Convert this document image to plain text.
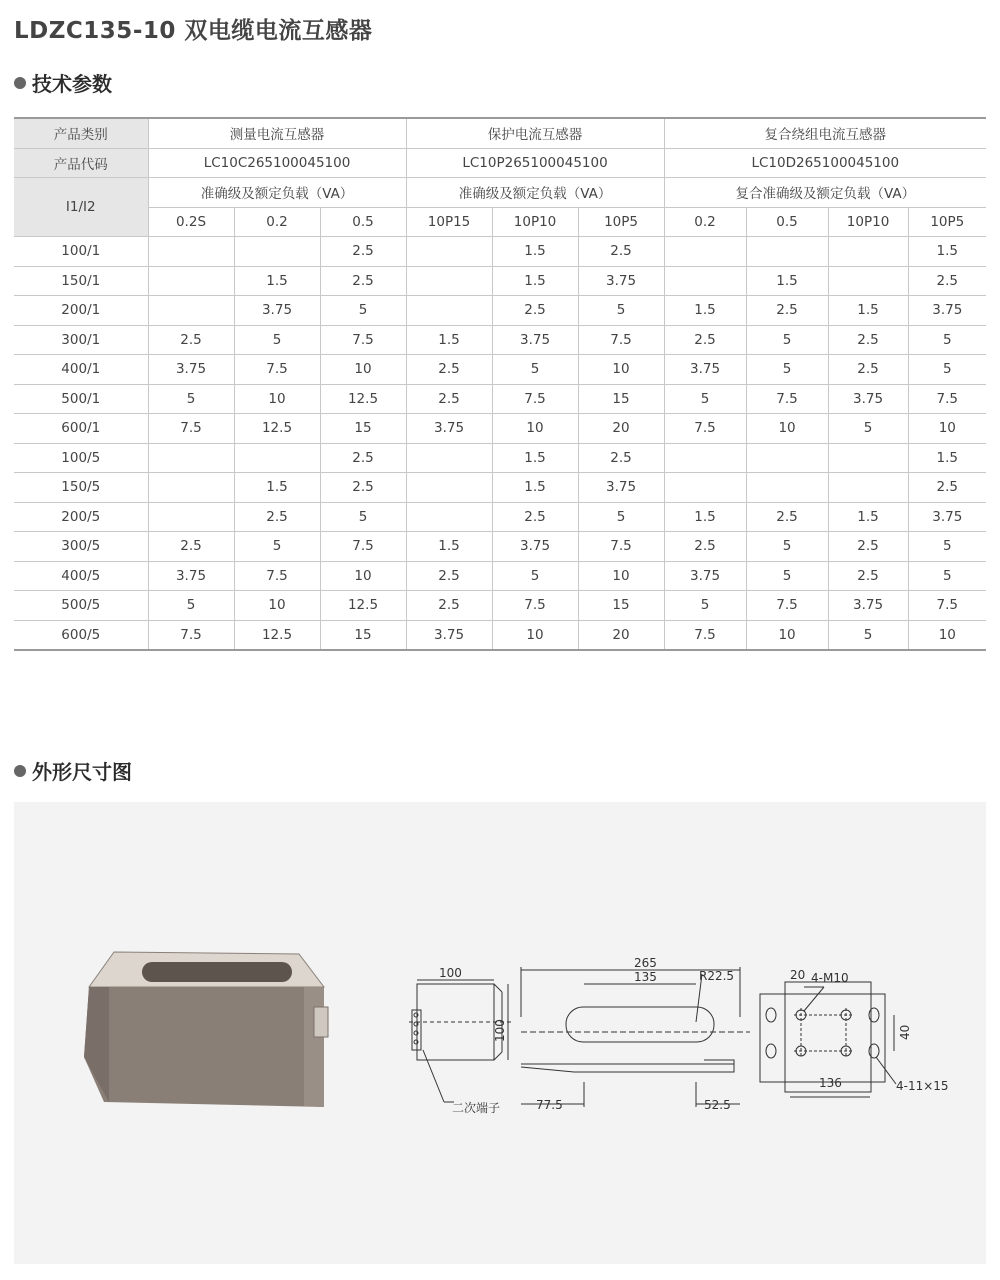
LDZC135-10 双电缆电流互感器
技术参数
产品类别	测量电流互感器			保护电流互感器			复合绕组电流互感器			
产品代码	LC10C265100045100			LC10P265100045100			LC10D265100045100			
I1/I2	准确级及额定负载（VA）			准确级及额定负载（VA）			复合准确级及额定负载（VA）			
	0.2S	0.2	0.5	10P15	10P10	10P5	0.2	0.5	10P10	10P5
100/1			2.5		1.5	2.5				1.5
150/1		1.5	2.5		1.5	3.75		1.5		2.5
200/1		3.75	5		2.5	5	1.5	2.5	1.5	3.75
300/1	2.5	5	7.5	1.5	3.75	7.5	2.5	5	2.5	5
400/1	3.75	7.5	10	2.5	5	10	3.75	5	2.5	5
500/1	5	10	12.5	2.5	7.5	15	5	7.5	3.75	7.5
600/1	7.5	12.5	15	3.75	10	20	7.5	10	5	10
100/5			2.5		1.5	2.5				1.5
150/5		1.5	2.5		1.5	3.75				2.5
200/5		2.5	5		2.5	5	1.5	2.5	1.5	3.75
300/5	2.5	5	7.5	1.5	3.75	7.5	2.5	5	2.5	5
400/5	3.75	7.5	10	2.5	5	10	3.75	5	2.5	5
500/5	5	10	12.5	2.5	7.5	15	5	7.5	3.75	7.5
600/5	7.5	12.5	15	3.75	10	20	7.5	10	5	10
外形尺寸图
100
100
二次端子
265
135	R22.5
77.5	52.5
20 4-M10
40
136	4-11×15
